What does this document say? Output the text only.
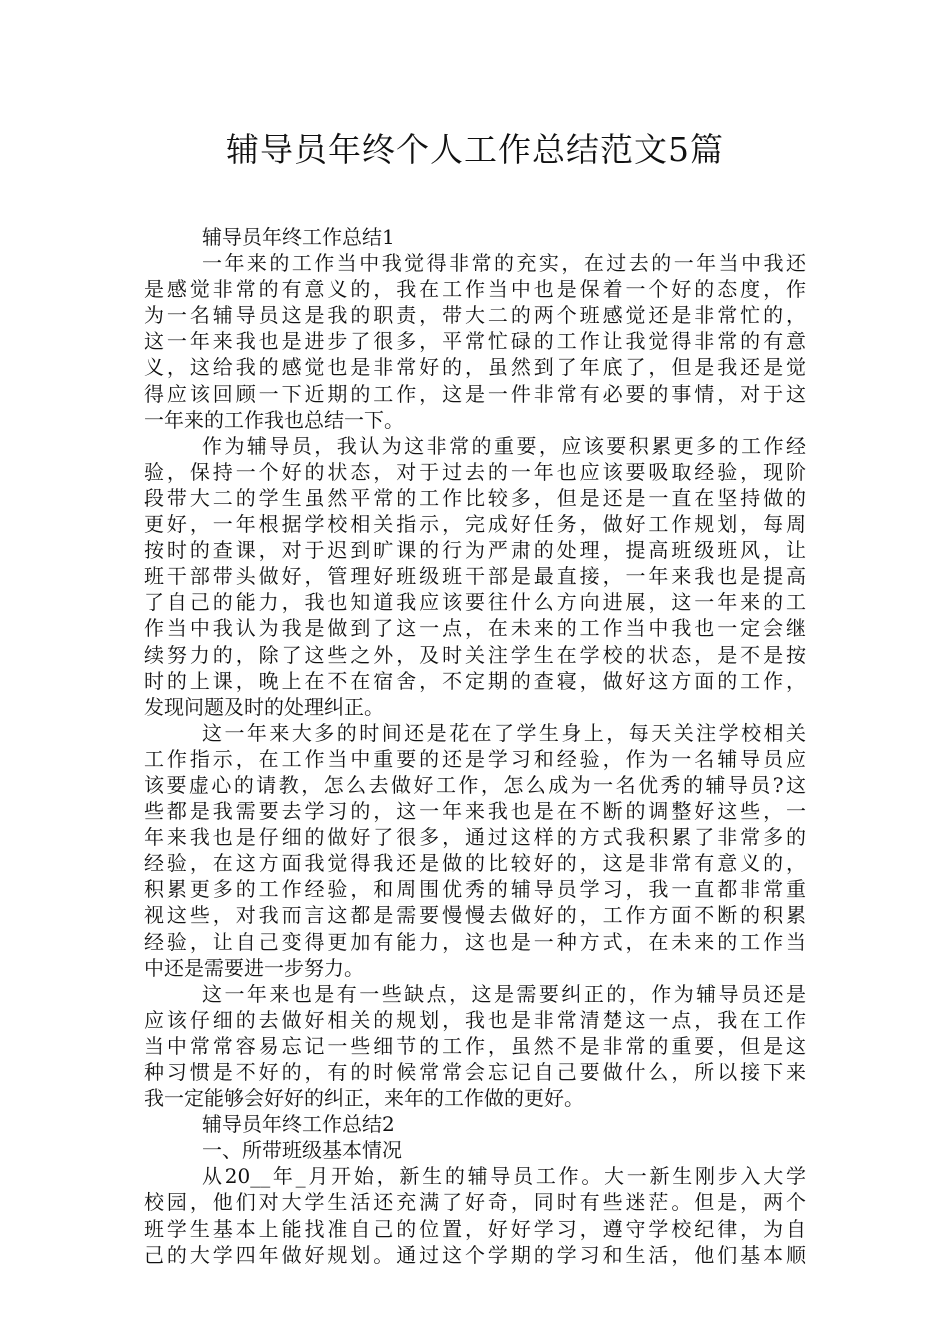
辅导员年终个人工作总结范文5篇
辅导员年终工作总结1
一年来的工作当中我觉得非常的充实，在过去的一年当中我还
是感觉非常的有意义的，我在工作当中也是保着一个好的态度，作
为一名辅导员这是我的职责，带大二的两个班感觉还是非常忙的，
这一年来我也是进步了很多，平常忙碌的工作让我觉得非常的有意
义，这给我的感觉也是非常好的，虽然到了年底了，但是我还是觉
得应该回顾一下近期的工作，这是一件非常有必要的事情，对于这
一年来的工作我也总结一下。
作为辅导员，我认为这非常的重要，应该要积累更多的工作经
验，保持一个好的状态，对于过去的一年也应该要吸取经验，现阶
段带大二的学生虽然平常的工作比较多，但是还是一直在坚持做的
更好，一年根据学校相关指示，完成好任务，做好工作规划，每周
按时的查课，对于迟到旷课的行为严肃的处理，提高班级班风，让
班干部带头做好，管理好班级班干部是最直接，一年来我也是提高
了自己的能力，我也知道我应该要往什么方向进展，这一年来的工
作当中我认为我是做到了这一点，在未来的工作当中我也一定会继
续努力的，除了这些之外，及时关注学生在学校的状态，是不是按
时的上课，晚上在不在宿舍，不定期的查寝，做好这方面的工作，
发现问题及时的处理纠正。
这一年来大多的时间还是花在了学生身上，每天关注学校相关
工作指示，在工作当中重要的还是学习和经验，作为一名辅导员应
该要虚心的请教，怎么去做好工作，怎么成为一名优秀的辅导员?这
些都是我需要去学习的，这一年来我也是在不断的调整好这些，一
年来我也是仔细的做好了很多，通过这样的方式我积累了非常多的
经验，在这方面我觉得我还是做的比较好的，这是非常有意义的，
积累更多的工作经验，和周围优秀的辅导员学习，我一直都非常重
视这些，对我而言这都是需要慢慢去做好的，工作方面不断的积累
经验，让自己变得更加有能力，这也是一种方式，在未来的工作当
中还是需要进一步努力。
这一年来也是有一些缺点，这是需要纠正的，作为辅导员还是
应该仔细的去做好相关的规划，我也是非常清楚这一点，我在工作
当中常常容易忘记一些细节的工作，虽然不是非常的重要，但是这
种习惯是不好的，有的时候常常会忘记自己要做什么，所以接下来
我一定能够会好好的纠正，来年的工作做的更好。
辅导员年终工作总结2
一、所带班级基本情况
从20__年_月开始，新生的辅导员工作。大一新生刚步入大学
校园，他们对大学生活还充满了好奇，同时有些迷茫。但是，两个
班学生基本上能找准自己的位置，好好学习，遵守学校纪律，为自
己的大学四年做好规划。通过这个学期的学习和生活，他们基本顺
